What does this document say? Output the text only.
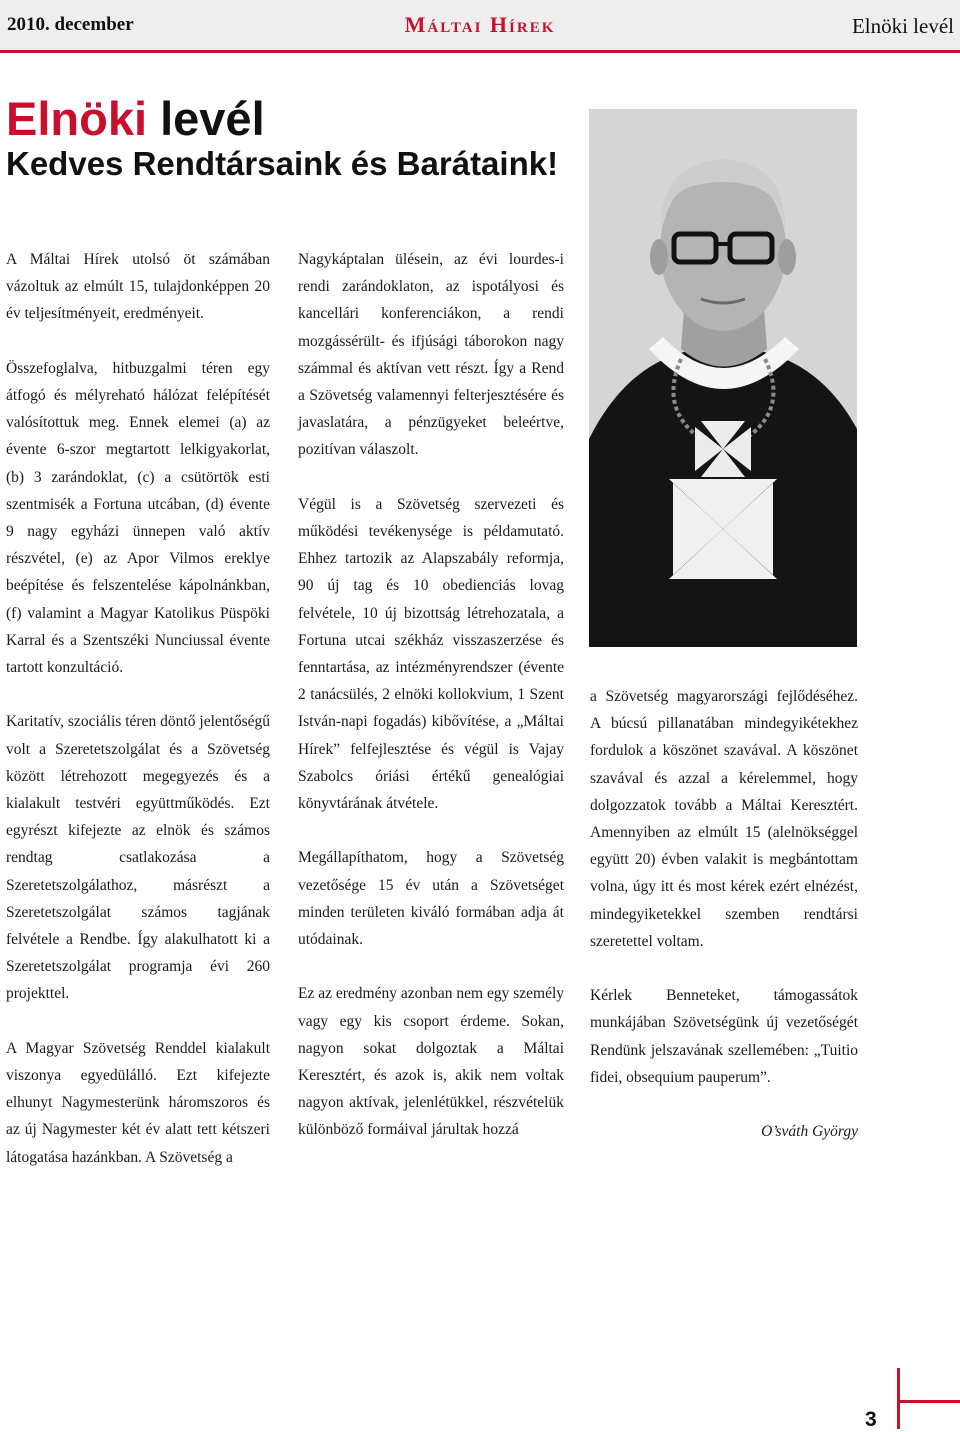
2010. december	Máltai Hírek	Elnöki levél
Elnöki levél
Kedves Rendtársaink és Barátaink!

A Máltai Hírek utolsó öt számában vázoltuk az elmúlt 15, tulajdonképpen 20 év teljesítményeit, eredményeit.

Összefoglalva, hitbuzgalmi téren egy átfogó és mélyreható hálózat felépítését valósítottuk meg. Ennek elemei (a) az évente 6-szor megtartott lelkigyakorlat, (b) 3 zarándoklat, (c) a csütörtök esti szentmisék a Fortuna utcában, (d) évente 9 nagy egyházi ünnepen való aktív részvétel, (e) az Apor Vilmos ereklye beépítése és felszentelése kápolnánkban, (f) valamint a Magyar Katolikus Püspöki Karral és a Szentszéki Nunciussal évente tartott konzultáció.

Karitatív, szociális téren döntő jelentőségű volt a Szeretetszolgálat és a Szövetség között létrehozott megegyezés és a kialakult testvéri együttműködés. Ezt egyrészt kifejezte az elnök és számos rendtag csatlakozása a Szeretetszolgálathoz, másrészt a Szeretetszolgálat számos tagjának felvétele a Rendbe. Így alakulhatott ki a Szeretetszolgálat programja évi 260 projekttel.

A Magyar Szövetség Renddel kialakult viszonya egyedülálló. Ezt kifejezte elhunyt Nagymesterünk háromszoros és az új Nagymester két év alatt tett kétszeri látogatása hazánkban. A Szövetség a

Nagykáptalan ülésein, az évi lourdes-i rendi zarándoklaton, az ispotályosi és kancellári konferenciákon, a rendi mozgássérült- és ifjúsági táborokon nagy számmal és aktívan vett részt. Így a Rend a Szövetség valamennyi felterjesztésére és javaslatára, a pénzügyeket beleértve, pozitívan válaszolt.

Végül is a Szövetség szervezeti és működési tevékenysége is példamutató. Ehhez tartozik az Alapszabály reformja, 90 új tag és 10 obedienciás lovag felvétele, 10 új bizottság létrehozatala, a Fortuna utcai székház visszaszerzése és fenntartása, az intézményrendszer (évente 2 tanácsülés, 2 elnöki kollokvium, 1 Szent István-napi fogadás) kibővítése, a „Máltai Hírek” felfejlesztése és végül is Vajay Szabolcs óriási értékű genealógiai könyvtárának átvétele.

Megállapíthatom, hogy a Szövetség vezetősége 15 év után a Szövetséget minden területen kiváló formában adja át utódainak.

Ez az eredmény azonban nem egy személy vagy egy kis csoport érdeme. Sokan, nagyon sokat dolgoztak a Máltai Keresztért, és azok is, akik nem voltak nagyon aktívak, jelenlétükkel, részvételük különböző formáival járultak hozzá

a Szövetség magyarországi fejlődéséhez. A búcsú pillanatában mindegyikétekhez fordulok a köszönet szavával. A köszönet szavával és azzal a kérelemmel, hogy dolgozzatok tovább a Máltai Keresztért. Amennyiben az elmúlt 15 (alelnökséggel együtt 20) évben valakit is megbántottam volna, úgy itt és most kérek ezért elnézést, mindegyiketekkel szemben rendtársi szeretettel voltam.

Kérlek Benneteket, támogassátok munkájában Szövetségünk új vezetőségét Rendünk jelszavának szellemében: „Tuitio fidei, obsequium pauperum”.

O’sváth György

3
